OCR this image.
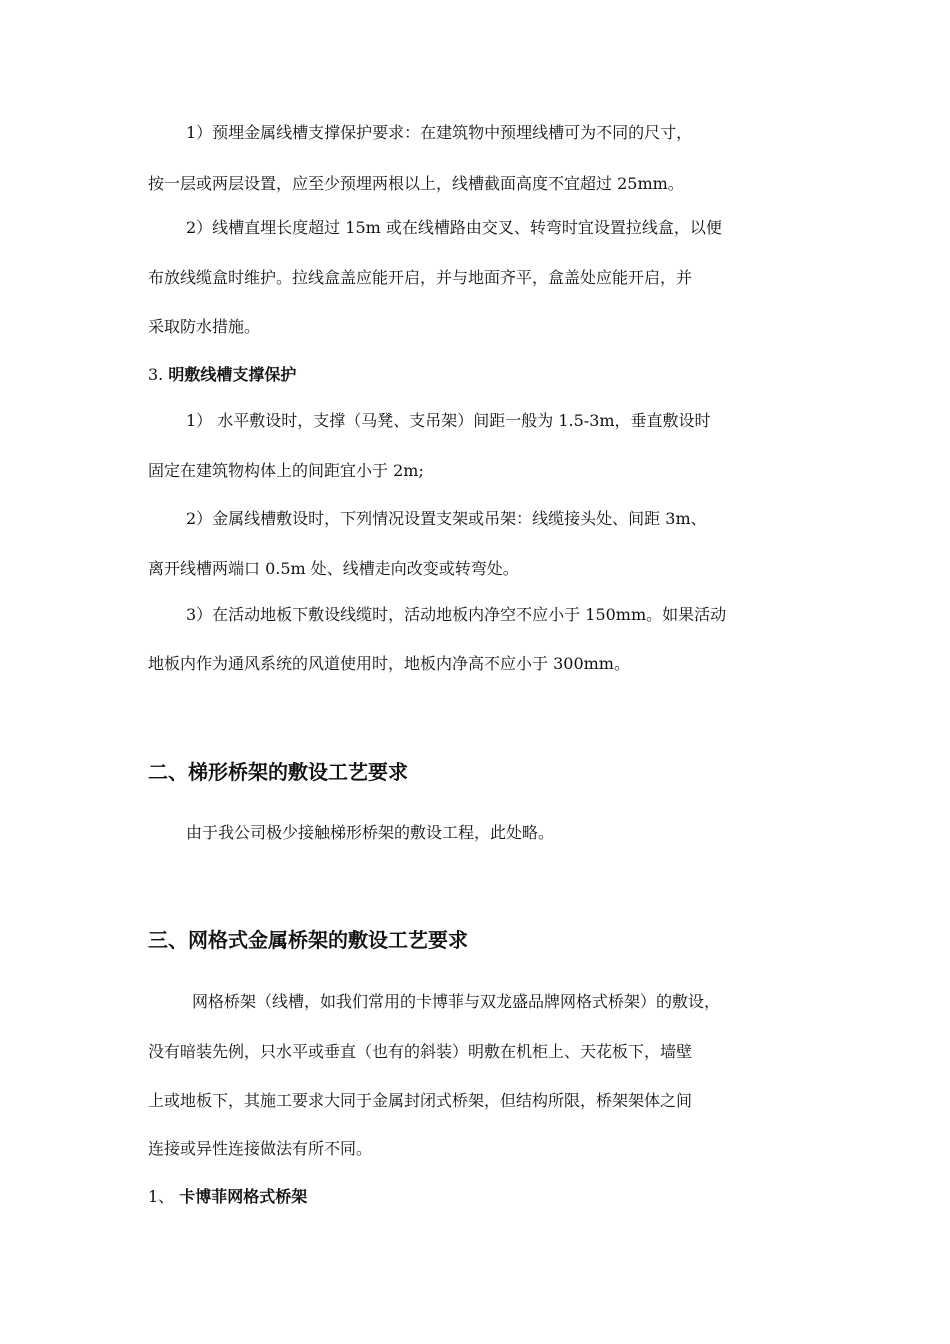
1）预埋金属线槽支撑保护要求：在建筑物中预埋线槽可为不同的尺寸，
按一层或两层设置，应至少预埋两根以上，线槽截面高度不宜超过 25mm。
2）线槽直埋长度超过 15m 或在线槽路由交叉、转弯时宜设置拉线盒，以便
布放线缆盒时维护。拉线盒盖应能开启，并与地面齐平，盒盖处应能开启，并
采取防水措施。
3. 明敷线槽支撑保护
1） 水平敷设时，支撑（马凳、支吊架）间距一般为 1.5-3m，垂直敷设时
固定在建筑物构体上的间距宜小于 2m;
2）金属线槽敷设时，下列情况设置支架或吊架：线缆接头处、间距 3m、
离开线槽两端口 0.5m 处、线槽走向改变或转弯处。
3）在活动地板下敷设线缆时，活动地板内净空不应小于 150mm。如果活动
地板内作为通风系统的风道使用时，地板内净高不应小于 300mm。
二、梯形桥架的敷设工艺要求
由于我公司极少接触梯形桥架的敷设工程，此处略。
三、网格式金属桥架的敷设工艺要求
网格桥架（线槽，如我们常用的卡博菲与双龙盛品牌网格式桥架）的敷设，
没有暗装先例，只水平或垂直（也有的斜装）明敷在机柜上、天花板下，墙壁
上或地板下，其施工要求大同于金属封闭式桥架，但结构所限，桥架架体之间
连接或异性连接做法有所不同。
1、 卡博菲网格式桥架
